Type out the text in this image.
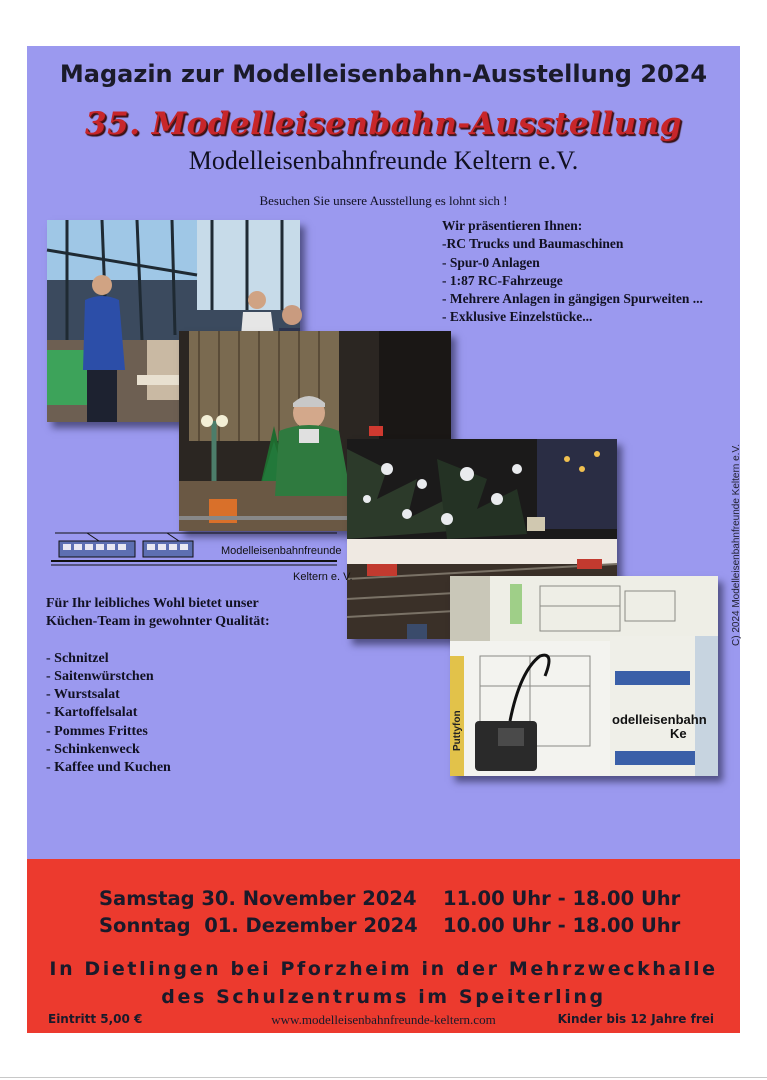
Magazin zur Modelleisenbahn-Ausstellung 2024
35. Modelleisenbahn-Ausstellung
Modelleisenbahnfreunde Keltern e.V.
Besuchen Sie unsere Ausstellung es lohnt sich !
Wir präsentieren Ihnen:
-RC Trucks und Baumaschinen
- Spur-0 Anlagen
- 1:87 RC-Fahrzeuge
- Mehrere Anlagen in gängigen Spurweiten ...
- Exklusive Einzelstücke...
C) 2024 Modelleisenbahnfreunde Keltern e.V.
Puttyfon	odelleisenbahn
Ke
Modelleisenbahnfreunde
Keltern e. V.
Für Ihr leibliches Wohl bietet unser
Küchen-Team in gewohnter Qualität:
- Schnitzel
- Saitenwürstchen
- Wurstsalat
- Kartoffelsalat
- Pommes Frittes
- Schinkenweck
- Kaffee und Kuchen
Samstag 30. November 2024	11.00 Uhr - 18.00 Uhr
Sonntag  01. Dezember 2024	10.00 Uhr - 18.00 Uhr
In Dietlingen bei Pforzheim in der Mehrzweckhalle
des Schulzentrums im Speiterling
www.modelleisenbahnfreunde-keltern.com
Eintritt 5,00 €	Kinder bis 12 Jahre frei
